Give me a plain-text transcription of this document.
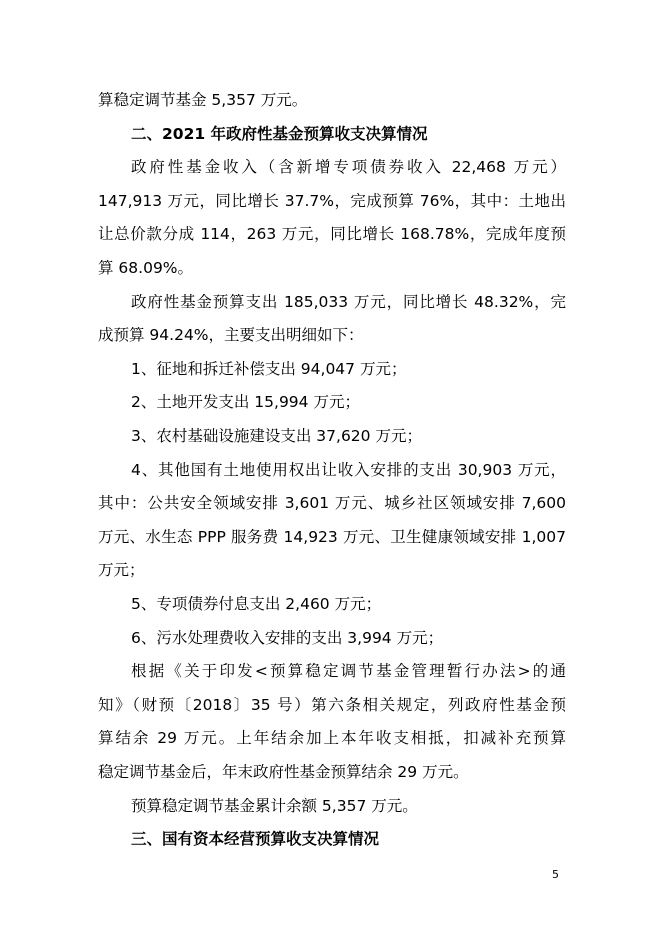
算稳定调节基金 5,357 万元。
二、2021 年政府性基金预算收支决算情况
政府性基金收入（含新增专项债券收入 22,468 万元）
147,913 万元，同比增长 37.7%，完成预算 76%，其中：土地出
让总价款分成 114，263 万元，同比增长 168.78%，完成年度预
算 68.09%。
政府性基金预算支出 185,033 万元，同比增长 48.32%，完
成预算 94.24%，主要支出明细如下：
1、征地和拆迁补偿支出 94,047 万元；
2、土地开发支出 15,994 万元；
3、农村基础设施建设支出 37,620 万元；
4、其他国有土地使用权出让收入安排的支出 30,903 万元，
其中：公共安全领域安排 3,601 万元、城乡社区领域安排 7,600
万元、水生态 PPP 服务费 14,923 万元、卫生健康领域安排 1,007
万元；
5、专项债券付息支出 2,460 万元；
6、污水处理费收入安排的支出 3,994 万元；
根据《关于印发<预算稳定调节基金管理暂行办法>的通
知》（财预〔2018〕35 号）第六条相关规定，列政府性基金预
算结余 29 万元。上年结余加上本年收支相抵，扣减补充预算
稳定调节基金后，年末政府性基金预算结余 29 万元。
预算稳定调节基金累计余额 5,357 万元。
三、国有资本经营预算收支决算情况
5
